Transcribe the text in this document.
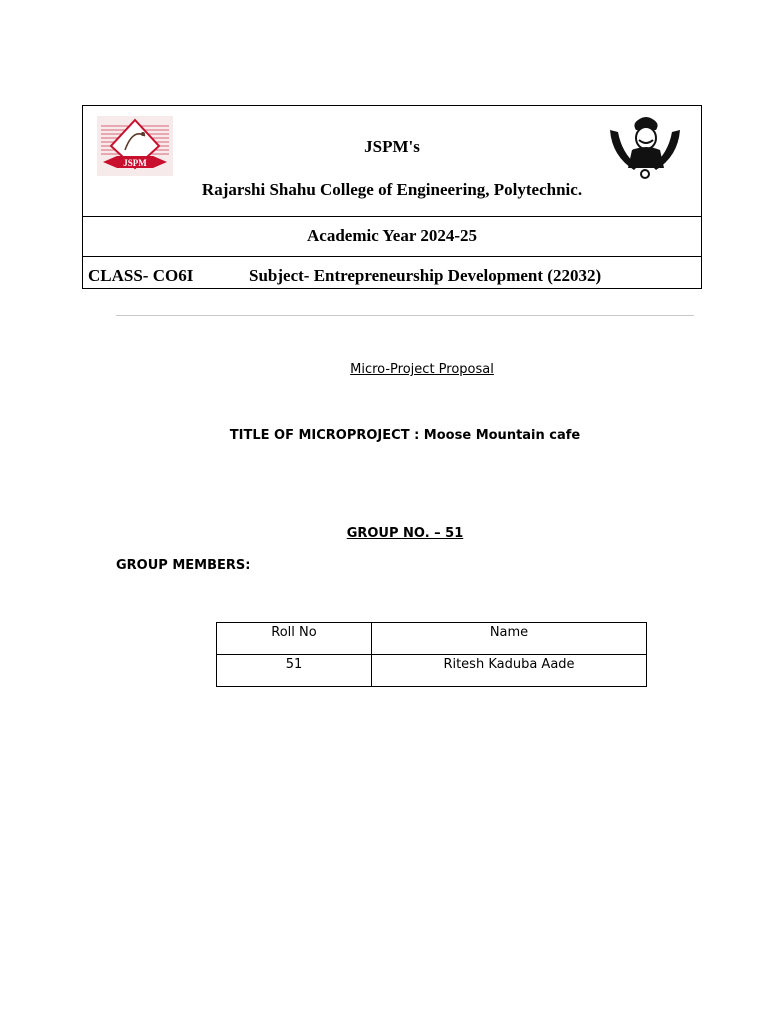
JSPM
JSPM's
Rajarshi Shahu College of Engineering, Polytechnic.
Academic Year 2024-25
CLASS- CO6I	Subject- Entrepreneurship Development (22032)
Micro-Project Proposal
TITLE OF MICROPROJECT : Moose Mountain cafe
GROUP NO. – 51
GROUP MEMBERS:
Roll No	Name
51	Ritesh Kaduba Aade
